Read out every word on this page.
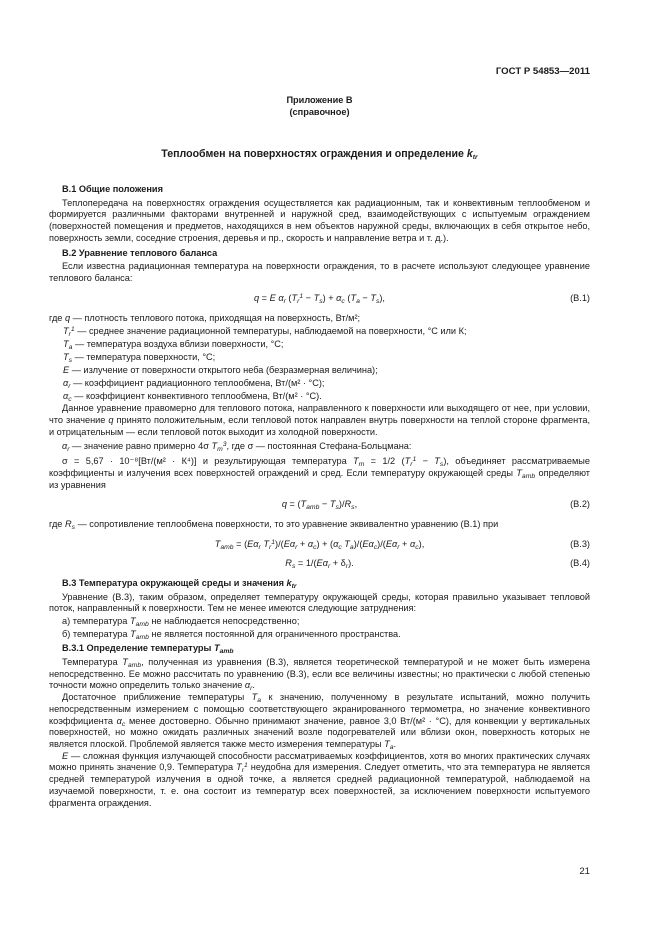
ГОСТ Р 54853—2011
Приложение В
(справочное)
Теплообмен на поверхностях ограждения и определение $k_{tr}$
В.1 Общие положения
Теплопередача на поверхностях ограждения осуществляется как радиационным, так и конвективным теплообменом и формируется различными факторами внутренней и наружной сред, взаимодействующих с испытуемым ограждением (поверхностей помещения и предметов, находящихся в нем объектов наружной среды, включающих в себя открытое небо, поверхность земли, соседние строения, деревья и пр., скорость и направление ветра и т. д.).
В.2 Уравнение теплового баланса
Если известна радиационная температура на поверхности ограждения, то в расчете используют следующее уравнение теплового баланса:
q = E $\alpha_r$ $(T_r^1 - T_s) + \alpha_c$ $(T_a - T_s)$,	(В.1)
где q — плотность теплового потока, приходящая на поверхность, Вт/м²;
$T_r^1$ — среднее значение радиационной температуры, наблюдаемой на поверхности, °С или К;
$T_a$ — температура воздуха вблизи поверхности, °С;
$T_s$ — температура поверхности, °С;
E — излучение от поверхности открытого неба (безразмерная величина);
$\alpha_r$ — коэффициент радиационного теплообмена, Вт/(м² · °С);
$\alpha_c$ — коэффициент конвективного теплообмена, Вт/(м² · °С).
Данное уравнение правомерно для теплового потока, направленного к поверхности или выходящего от нее, при условии, что значение q принято положительным, если тепловой поток направлен внутрь поверхности на теплой стороне фрагмента, и отрицательным — если тепловой поток выходит из холодной поверхности.
$\alpha_r$ — значение равно примерно 4σ $T_m^3$, где σ — постоянная Стефана-Больцмана:
σ = 5,67 · 10⁻⁸[Вт/(м² · К⁴)] и результирующая температура $T_m = 1/2$ $(T_r^1 - T_s)$, объединяет рассматриваемые коэффициенты и излучения всех поверхностей ограждений и сред. Если температуру окружающей среды $T_{amb}$ определяют из уравнения
$q = (T_{amb} - T_s)/R_s$,	(В.2)
где $R_s$ — сопротивление теплообмена поверхности, то это уравнение эквивалентно уравнению (В.1) при
$T_{amb} = (E\alpha_r$ $T_r^1)/(E\alpha_r + \alpha_c) + (\alpha_c$ $T_a)/(E\alpha_c)/(E\alpha_r + \alpha_c)$,	(В.3)
$R_s = 1/(E\alpha_r + \delta_r)$.	(В.4)
В.3 Температура окружающей среды и значения $k_{tr}$
Уравнение (В.3), таким образом, определяет температуру окружающей среды, которая правильно указывает тепловой поток, направленный к поверхности. Тем не менее имеются следующие затруднения:
а) температура $T_{amb}$ не наблюдается непосредственно;
б) температура $T_{amb}$ не является постоянной для ограниченного пространства.
В.3.1 Определение температуры $T_{amb}$
Температура $T_{amb}$, полученная из уравнения (В.3), является теоретической температурой и не может быть измерена непосредственно. Ее можно рассчитать по уравнению (В.3), если все величины известны; но практически с любой степенью точности можно определить только значение $\alpha_r$.
Достаточное приближение температуры $T_a$ к значению, полученному в результате испытаний, можно получить непосредственным измерением с помощью соответствующего экранированного термометра, но значение конвективного коэффициента $\alpha_c$ менее достоверно. Обычно принимают значение, равное 3,0 Вт/(м² · °С), для конвекции у вертикальных поверхностей, но можно ожидать различных значений возле подогревателей или вблизи окон, поверхность которых не является плоской. Проблемой является также место измерения температуры $T_a$.
E — сложная функция излучающей способности рассматриваемых коэффициентов, хотя во многих практических случаях можно принять значение 0,9. Температура $T_r^1$ неудобна для измерения. Следует отметить, что эта температура не является средней температурой излучения в одной точке, а является средней радиационной температурой, наблюдаемой на изучаемой поверхности, т. е. она состоит из температур всех поверхностей, за исключением поверхности испытуемого фрагмента ограждения.
21
